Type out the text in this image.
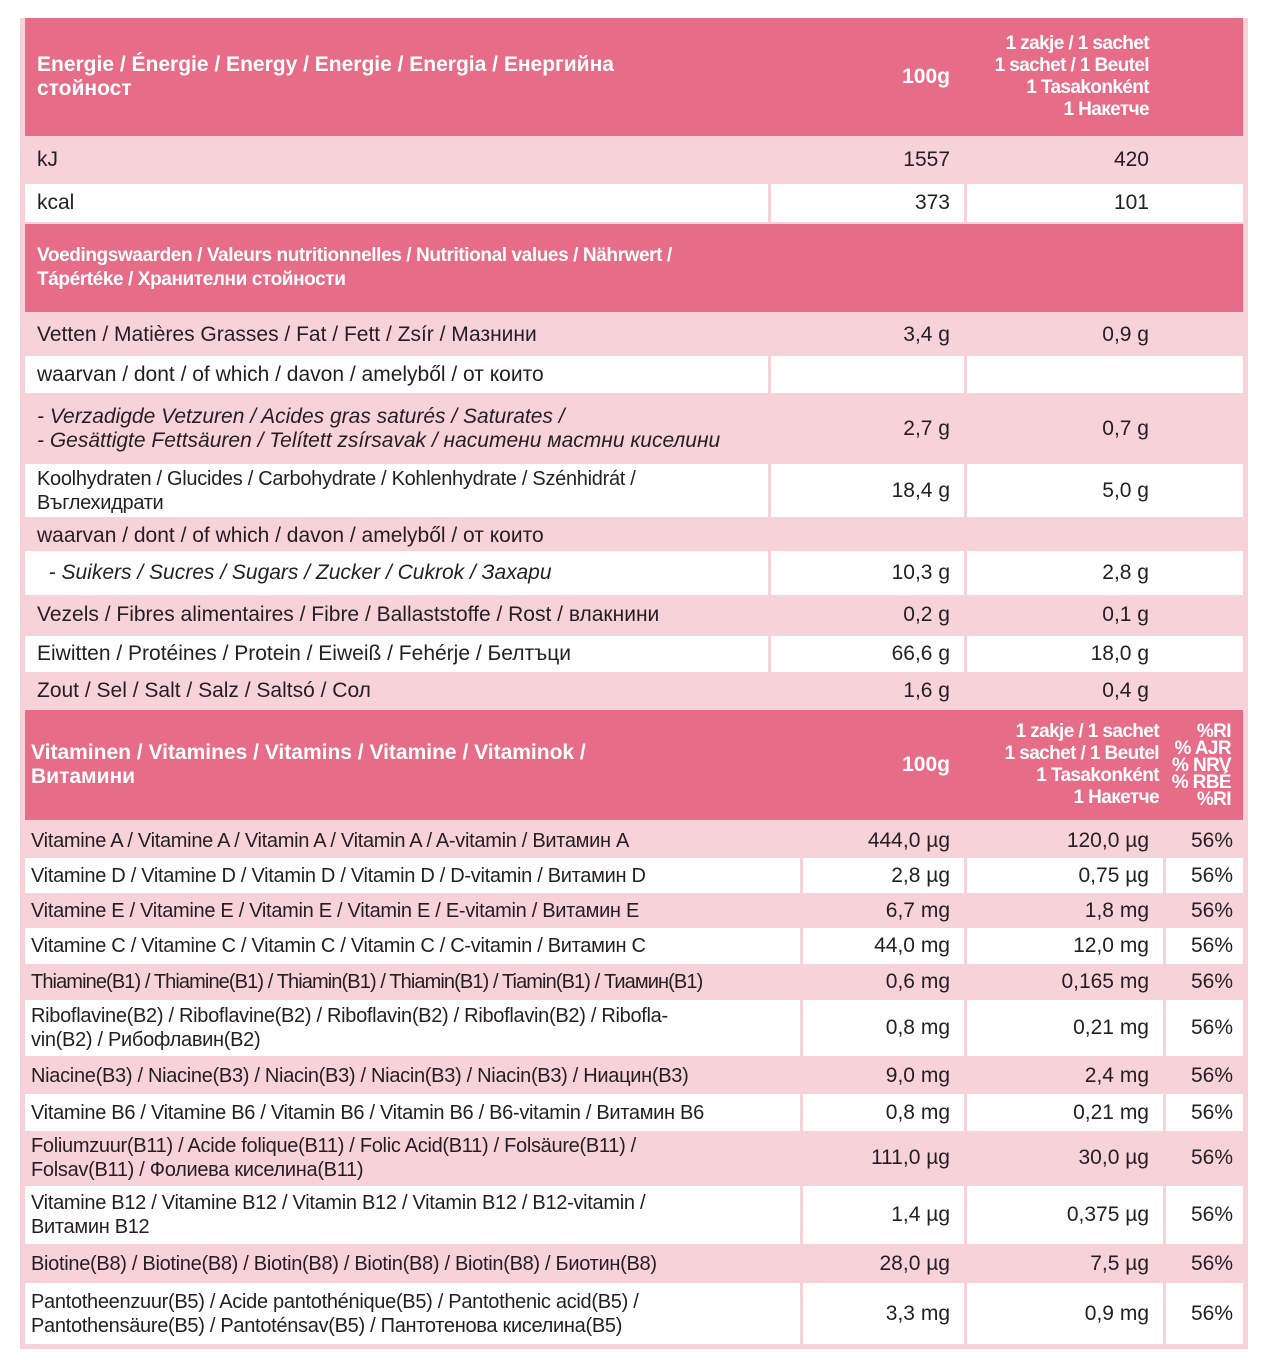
Energie / Énergie / Energy / Energie / Energia / Енергийна
стойност
100g
1 zakje / 1 sachet
1 sachet / 1 Beutel
1 Tasakonként
1 Накетче
kJ	1557	420
kcal	373	101
Voedingswaarden / Valeurs nutritionnelles / Nutritional values / Nährwert /
Tápértéke / Хранителни стойности
Vetten / Matières Grasses / Fat / Fett / Zsír / Мазнини	3,4 g	0,9 g
waarvan / dont / of which / davon / amelyből / от които
- Verzadigde Vetzuren / Acides gras saturés / Saturates /
- Gesättigte Fettsäuren / Telített zsírsavak / наситени мастни киселини
2,7 g	0,7 g
Koolhydraten / Glucides / Carbohydrate / Kohlenhydrate / Szénhidrát /
Въглехидрати
18,4 g	5,0 g
waarvan / dont / of which / davon / amelyből / от които
- Suikers / Sucres / Sugars / Zucker / Cukrok / Захари	10,3 g	2,8 g
Vezels / Fibres alimentaires / Fibre / Ballaststoffe / Rost / влакнини	0,2 g	0,1 g
Eiwitten / Protéines / Protein / Eiweiß / Fehérje / Белтъци	66,6 g	18,0 g
Zout / Sel / Salt / Salz / Saltsó / Сол	1,6 g	0,4 g
Vitaminen / Vitamines / Vitamins / Vitamine / Vitaminok /
Витамини
100g
1 zakje / 1 sachet
1 sachet / 1 Beutel
1 Tasakonként
1 Накетче
%RI
% AJR
% NRV
% RBÉ
%RI
Vitamine A / Vitamine A / Vitamin A / Vitamin A / A-vitamin / Витамин A	444,0 µg	120,0 µg 56%
Vitamine D / Vitamine D / Vitamin D / Vitamin D / D-vitamin / Витамин D	2,8 µg	0,75 µg 56%
Vitamine E / Vitamine E / Vitamin E / Vitamin E / E-vitamin / Витамин E	6,7 mg	1,8 mg 56%
Vitamine C / Vitamine C / Vitamin C / Vitamin C / C-vitamin / Витамин C	44,0 mg	12,0 mg 56%
Thiamine(B1) / Thiamine(B1) / Thiamin(B1) / Thiamin(B1) / Tiamin(B1) / Тиамин(B1)	0,6 mg	0,165 mg 56%
Riboflavine(B2) / Riboflavine(B2) / Riboflavin(B2) / Riboflavin(B2) / Ribofla-
vin(B2) / Рибофлавин(B2)
0,8 mg	0,21 mg 56%
Niacine(B3) / Niacine(B3) / Niacin(B3) / Niacin(B3) / Niacin(B3) / Ниацин(B3)	9,0 mg	2,4 mg 56%
Vitamine B6 / Vitamine B6 / Vitamin B6 / Vitamin B6 / B6-vitamin / Витамин B6	0,8 mg	0,21 mg 56%
Foliumzuur(B11) / Acide folique(B11) / Folic Acid(B11) / Folsäure(B11) /
Folsav(B11) / Фолиева киселина(B11)
111,0 µg	30,0 µg 56%
Vitamine B12 / Vitamine B12 / Vitamin B12 / Vitamin B12 / B12-vitamin /
Витамин B12
1,4 µg	0,375 µg 56%
Biotine(B8) / Biotine(B8) / Biotin(B8) / Biotin(B8) / Biotin(B8) / Биотин(B8)	28,0 µg	7,5 µg 56%
Pantotheenzuur(B5) / Acide pantothénique(B5) / Pantothenic acid(B5) /
Pantothensäure(B5) / Pantoténsav(B5) / Пантотенова киселина(B5)
3,3 mg	0,9 mg 56%
